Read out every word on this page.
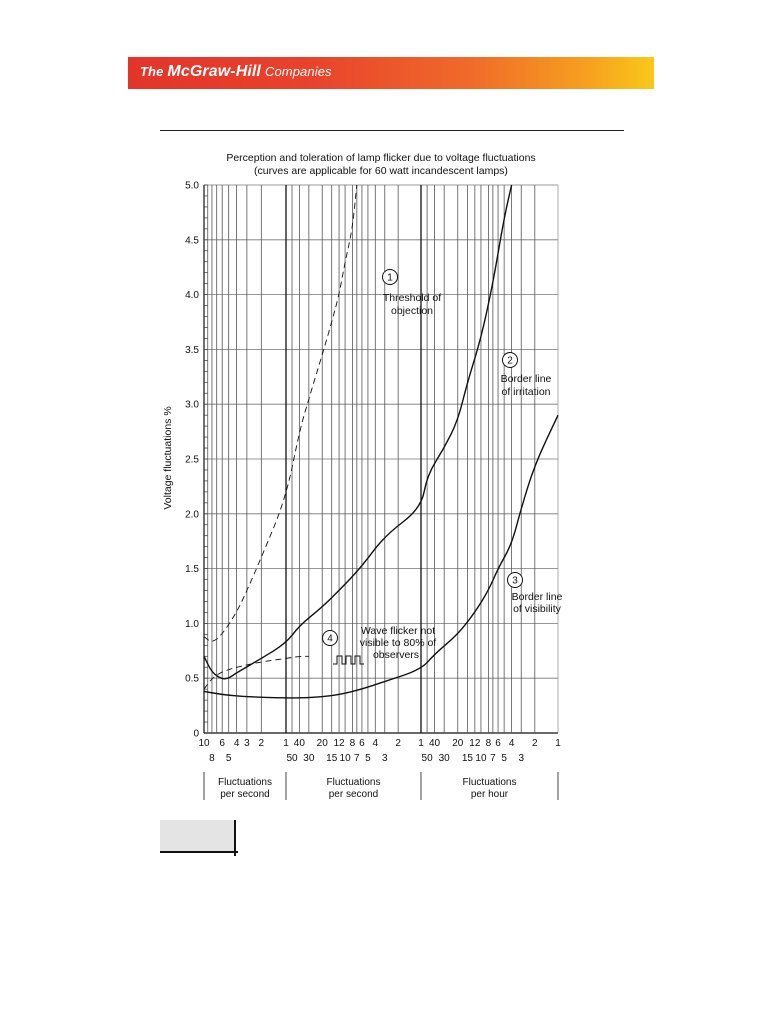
The McGraw-Hill Companies
Perception and toleration of lamp flicker due to voltage fluctuations
(curves are applicable for 60 watt incandescent lamps)
Voltage fluctuations %
0
0.5
1.0
1.5
2.0
2.5
3.0
3.5
4.0
4.5
5.0
10 6 4 3 2 1 40 20 12 8 6 4 2 1 40 20 12 8 6 4 2 1
8 5	50 30 15 10 7 5 3	50 30 15 10 7 5 3
Fluctuations
per second
Fluctuations
per second
Fluctuations
per hour
1
Threshold of
objection
2
Border line
of irritation
3
Border line
of visibility
4
Wave flicker not
visible to 80% of
observers
